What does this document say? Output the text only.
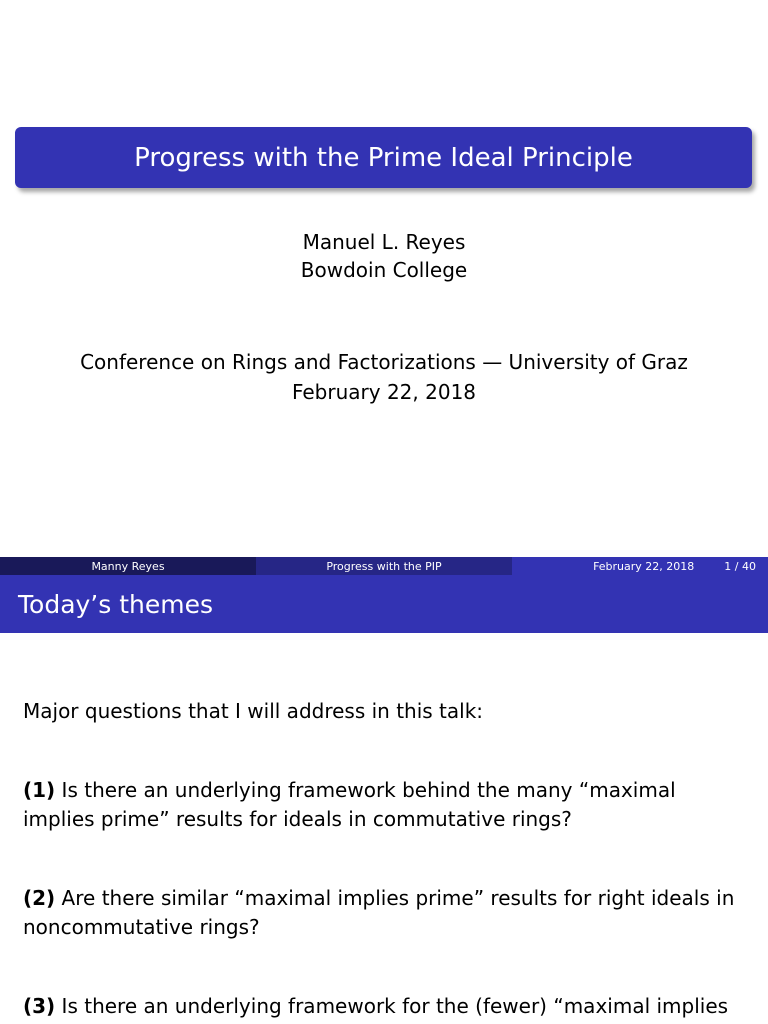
Progress with the Prime Ideal Principle
Manuel L. Reyes
Bowdoin College
Conference on Rings and Factorizations — University of Graz
February 22, 2018
Manny Reyes	Progress with the PIP	February 22, 2018	1 / 40
Today’s themes
Major questions that I will address in this talk:
(1) Is there an underlying framework behind the many “maximal implies prime” results for ideals in commutative rings?
(2) Are there similar “maximal implies prime” results for right ideals in noncommutative rings?
(3) Is there an underlying framework for the (fewer) “maximal implies
